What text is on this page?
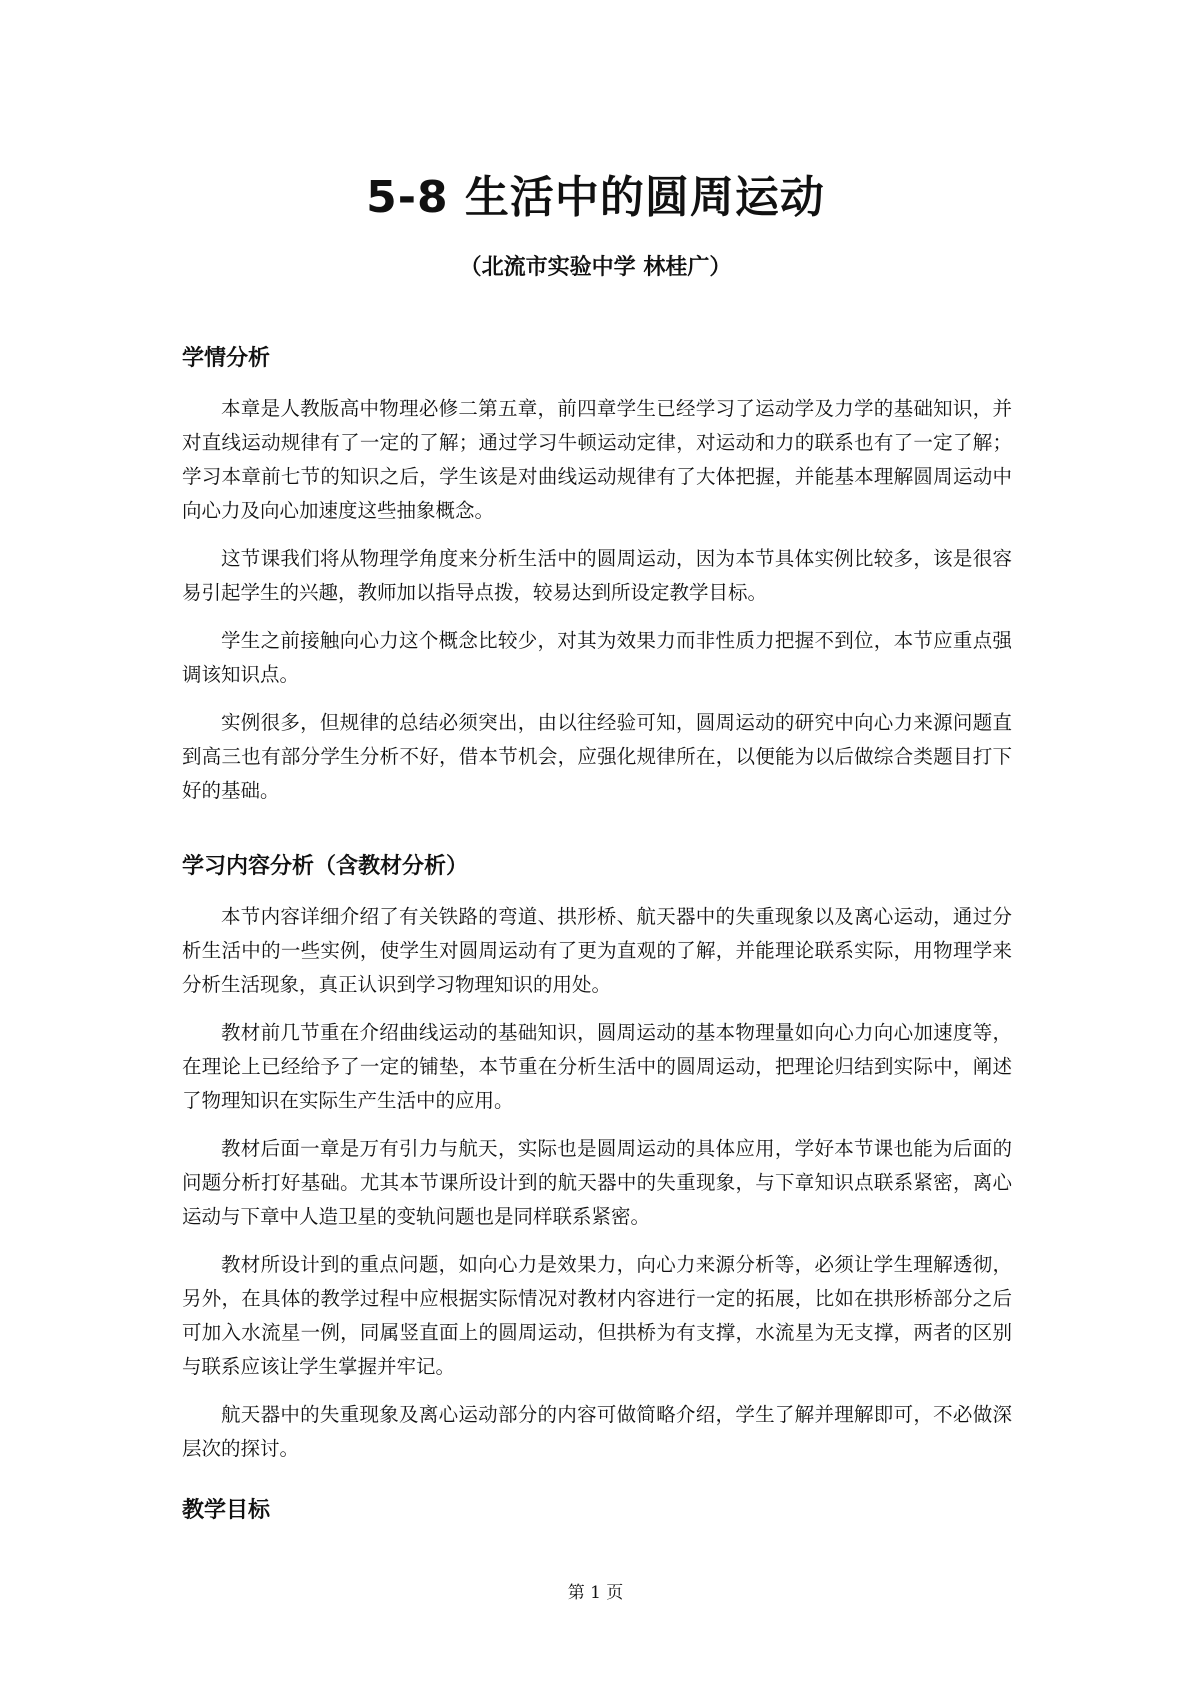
5-8 生活中的圆周运动

（北流市实验中学 林桂广）

学情分析

本章是人教版高中物理必修二第五章，前四章学生已经学习了运动学及力学的基础知识，并对直线运动规律有了一定的了解；通过学习牛顿运动定律，对运动和力的联系也有了一定了解；学习本章前七节的知识之后，学生该是对曲线运动规律有了大体把握，并能基本理解圆周运动中向心力及向心加速度这些抽象概念。

这节课我们将从物理学角度来分析生活中的圆周运动，因为本节具体实例比较多，该是很容易引起学生的兴趣，教师加以指导点拨，较易达到所设定教学目标。

学生之前接触向心力这个概念比较少，对其为效果力而非性质力把握不到位，本节应重点强调该知识点。

实例很多，但规律的总结必须突出，由以往经验可知，圆周运动的研究中向心力来源问题直到高三也有部分学生分析不好，借本节机会，应强化规律所在，以便能为以后做综合类题目打下好的基础。

学习内容分析（含教材分析）

本节内容详细介绍了有关铁路的弯道、拱形桥、航天器中的失重现象以及离心运动，通过分析生活中的一些实例，使学生对圆周运动有了更为直观的了解，并能理论联系实际，用物理学来分析生活现象，真正认识到学习物理知识的用处。

教材前几节重在介绍曲线运动的基础知识，圆周运动的基本物理量如向心力向心加速度等，在理论上已经给予了一定的铺垫，本节重在分析生活中的圆周运动，把理论归结到实际中，阐述了物理知识在实际生产生活中的应用。

教材后面一章是万有引力与航天，实际也是圆周运动的具体应用，学好本节课也能为后面的问题分析打好基础。尤其本节课所设计到的航天器中的失重现象，与下章知识点联系紧密，离心运动与下章中人造卫星的变轨问题也是同样联系紧密。

教材所设计到的重点问题，如向心力是效果力，向心力来源分析等，必须让学生理解透彻，另外，在具体的教学过程中应根据实际情况对教材内容进行一定的拓展，比如在拱形桥部分之后可加入水流星一例，同属竖直面上的圆周运动，但拱桥为有支撑，水流星为无支撑，两者的区别与联系应该让学生掌握并牢记。

航天器中的失重现象及离心运动部分的内容可做简略介绍，学生了解并理解即可，不必做深层次的探讨。

教学目标

第 1 页
